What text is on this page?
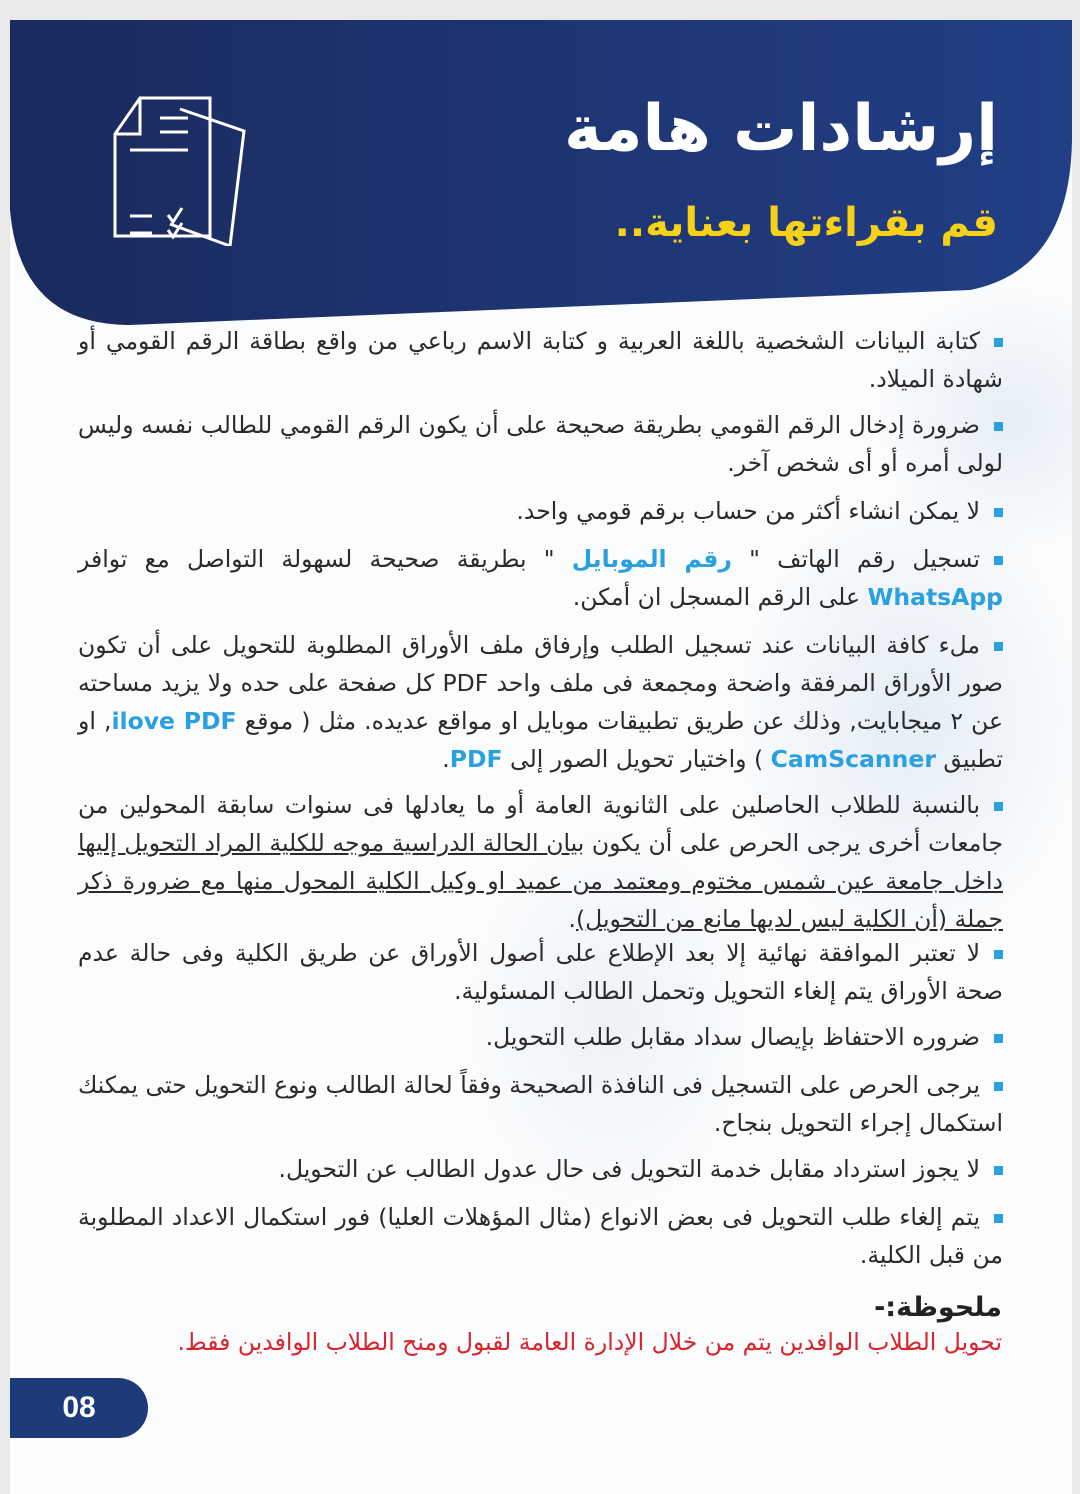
إرشادات هامة
قم بقراءتها بعناية..
كتابة البيانات الشخصية باللغة العربية و كتابة الاسم رباعي من واقع بطاقة الرقم القومي أو شهادة الميلاد.
ضرورة إدخال الرقم القومي بطريقة صحيحة على أن يكون الرقم القومي للطالب نفسه وليس لولى أمره أو أى شخص آخر.
لا يمكن انشاء أكثر من حساب برقم قومي واحد.
تسجيل رقم الهاتف " رقم الموبايل " بطريقة صحيحة لسهولة التواصل مع توافر WhatsApp على الرقم المسجل ان أمكن.
ملء كافة البيانات عند تسجيل الطلب وإرفاق ملف الأوراق المطلوبة للتحويل على أن تكون صور الأوراق المرفقة واضحة ومجمعة فى ملف واحد PDF كل صفحة على حده ولا يزيد مساحته عن ٢ ميجابايت, وذلك عن طريق تطبيقات موبايل او مواقع عديده. مثل ( موقع ilove PDF, او تطبيق CamScanner ) واختيار تحويل الصور إلى PDF.
بالنسبة للطلاب الحاصلين على الثانوية العامة أو ما يعادلها فى سنوات سابقة المحولين من جامعات أخرى يرجى الحرص على أن يكون بيان الحالة الدراسية موجه للكلية المراد التحويل إليها داخل جامعة عين شمس مختوم ومعتمد من عميد او وكيل الكلية المحول منها مع ضرورة ذكر جملة (أن الكلية ليس لديها مانع من التحويل).
لا تعتبر الموافقة نهائية إلا بعد الإطلاع على أصول الأوراق عن طريق الكلية وفى حالة عدم صحة الأوراق يتم إلغاء التحويل وتحمل الطالب المسئولية.
ضروره الاحتفاظ بإيصال سداد مقابل طلب التحويل.
يرجى الحرص على التسجيل فى النافذة الصحيحة وفقاً لحالة الطالب ونوع التحويل حتى يمكنك استكمال إجراء التحويل بنجاح.
لا يجوز استرداد مقابل خدمة التحويل فى حال عدول الطالب عن التحويل.
يتم إلغاء طلب التحويل فى بعض الانواع (مثال المؤهلات العليا) فور استكمال الاعداد المطلوبة من قبل الكلية.
ملحوظة:-
تحويل الطلاب الوافدين يتم من خلال الإدارة العامة لقبول ومنح الطلاب الوافدين فقط.
08
